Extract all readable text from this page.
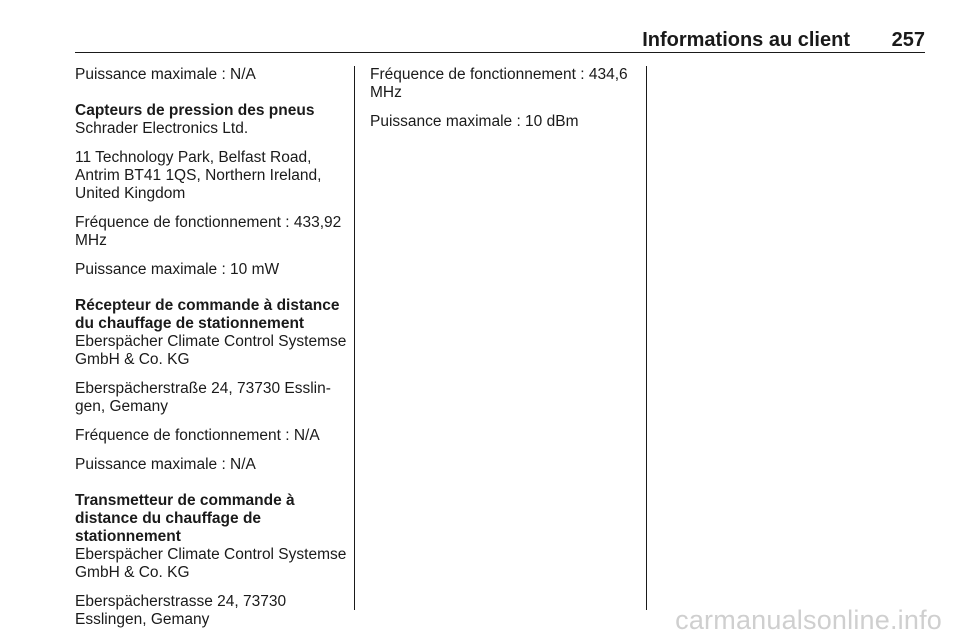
Informations au client 257

Puissance maximale : N/A

Capteurs de pression des pneus

Schrader Electronics Ltd.

11 Technology Park, Belfast Road, Antrim BT41 1QS, Northern Ireland, United Kingdom

Fréquence de fonctionnement : 433,92 MHz

Puissance maximale : 10 mW

Récepteur de commande à distance du chauffage de stationnement

Eberspächer Climate Control Systemse GmbH & Co. KG

Eberspächerstraße 24, 73730 Esslin-gen, Gemany

Fréquence de fonctionnement : N/A

Puissance maximale : N/A

Transmetteur de commande à distance du chauffage de stationnement

Eberspächer Climate Control Systemse GmbH & Co. KG

Eberspächerstrasse 24, 73730 Esslingen, Gemany

Fréquence de fonctionnement : 434,6 MHz

Puissance maximale : 10 dBm

carmanualsonline.info
